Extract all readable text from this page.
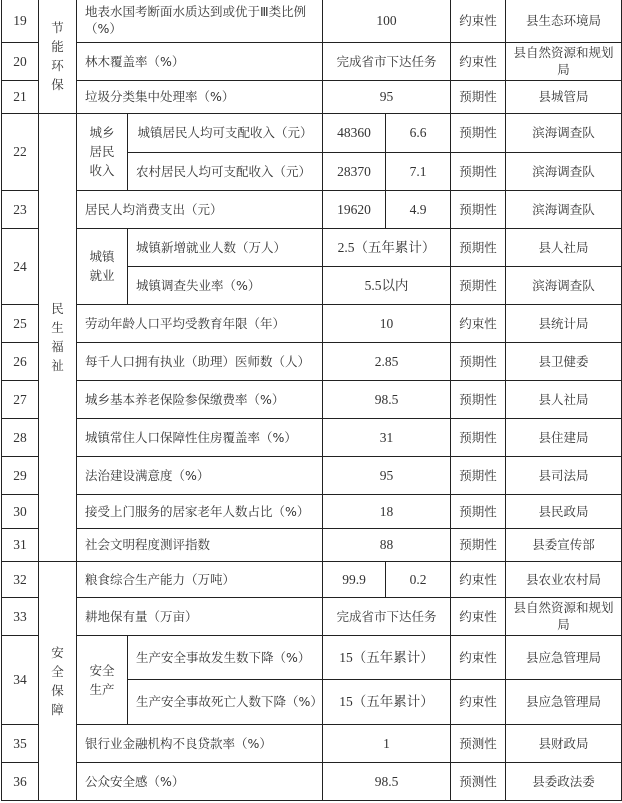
19	节能环保	地表水国考断面水质达到或优于Ⅲ类比例（%）		100		约束性	县生态环境局
20		林木覆盖率（%）		完成省市下达任务		约束性	县自然资源和规划局
21		垃圾分类集中处理率（%）		95		预期性	县城管局
22	民生福祉	城乡居民收入	城镇居民人均可支配收入（元）	48360	6.6	预期性	滨海调查队
			农村居民人均可支配收入（元）	28370	7.1	预期性	滨海调查队
23		居民人均消费支出（元）		19620	4.9	预期性	滨海调查队
24		城镇就业	城镇新增就业人数（万人）	2.5（五年累计）		预期性	县人社局
			城镇调查失业率（%）	5.5以内		预期性	滨海调查队
25		劳动年龄人口平均受教育年限（年）		10		约束性	县统计局
26		每千人口拥有执业（助理）医师数（人）		2.85		预期性	县卫健委
27		城乡基本养老保险参保缴费率（%）		98.5		预期性	县人社局
28		城镇常住人口保障性住房覆盖率（%）		31		预期性	县住建局
29		法治建设满意度（%）		95		预期性	县司法局
30		接受上门服务的居家老年人数占比（%）		18		预期性	县民政局
31		社会文明程度测评指数		88		预期性	县委宣传部
32	安全保障	粮食综合生产能力（万吨）		99.9	0.2	约束性	县农业农村局
33		耕地保有量（万亩）		完成省市下达任务		约束性	县自然资源和规划局
34		安全生产	生产安全事故发生数下降（%）	15（五年累计）		约束性	县应急管理局
			生产安全事故死亡人数下降（%）	15（五年累计）		约束性	县应急管理局
35		银行业金融机构不良贷款率（%）		1		预测性	县财政局
36		公众安全感（%）		98.5		预测性	县委政法委
